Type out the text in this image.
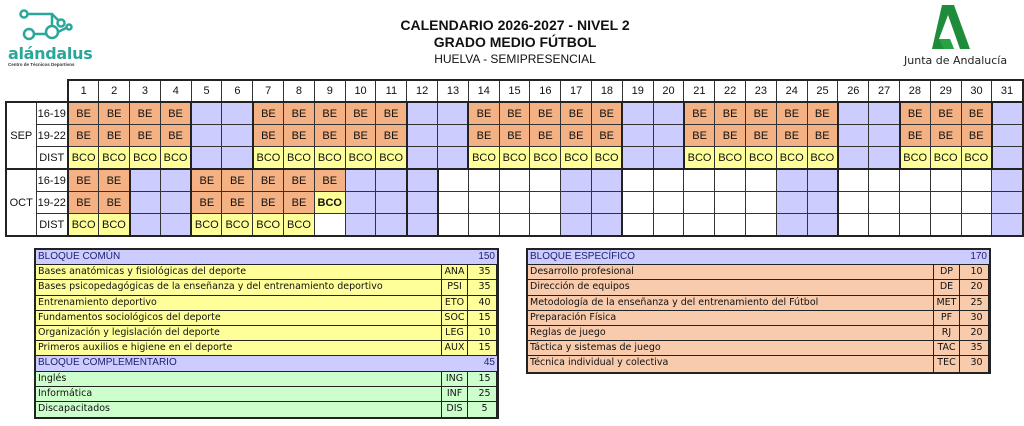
alándalus
Centro de Técnicos Deportivos
CALENDARIO 2026-2027 - NIVEL 2
GRADO MEDIO FÚTBOL
HUELVA - SEMIPRESENCIAL	Junta de Andalucía
		1	2	3	4	5	6	7	8	9	10	11	12	13	14	15	16	17	18	19	20	21	22	23	24	25	26	27	28	29	30	31
SEP	16-19	BE	BE	BE	BE			BE	BE	BE	BE	BE			BE	BE	BE	BE	BE			BE	BE	BE	BE	BE			BE	BE	BE	
	19-22	BE	BE	BE	BE			BE	BE	BE	BE	BE			BE	BE	BE	BE	BE			BE	BE	BE	BE	BE			BE	BE	BE	
	DIST	BCO	BCO	BCO	BCO			BCO	BCO	BCO	BCO	BCO			BCO	BCO	BCO	BCO	BCO			BCO	BCO	BCO	BCO	BCO			BCO	BCO	BCO	
OCT	16-19	BE	BE			BE	BE	BE	BE	BE																						
	19-22	BE	BE			BE	BE	BE	BE	BCO																						
	DIST	BCO	BCO			BCO	BCO	BCO	BCO																							
BLOQUE COMÚN	150
Bases anatómicas y fisiológicas del deporte	ANA	35
Bases psicopedagógicas de la enseñanza y del entrenamiento deportivo	PSI	35
Entrenamiento deportivo	ETO	40
Fundamentos sociológicos del deporte	SOC	15
Organización y legislación del deporte	LEG	10
Primeros auxilios e higiene en el deporte	AUX	15
BLOQUE COMPLEMENTARIO	45
Inglés	ING	15
Informática	INF	25
Discapacitados	DIS	5
BLOQUE ESPECÍFICO	170
Desarrollo profesional	DP	10
Dirección de equipos	DE	20
Metodología de la enseñanza y del entrenamiento del Fútbol	MET	25
Preparación Física	PF	30
Reglas de juego	RJ	20
Táctica y sistemas de juego	TAC	35
Técnica individual y colectiva	TEC	30
